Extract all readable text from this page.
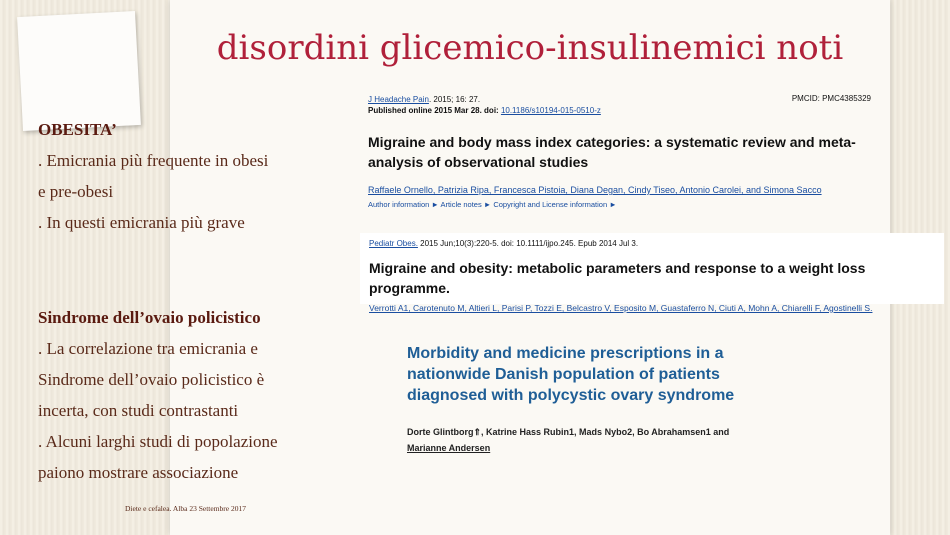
disordini glicemico-insulinemici noti

OBESITA’

. Emicrania più frequente in obesi

e pre-obesi

. In questi emicrania più grave

Sindrome dell’ovaio policistico

. La correlazione tra emicrania e

Sindrome dell’ovaio policistico è

incerta, con studi contrastanti

. Alcuni larghi studi di popolazione

paiono mostrare associazione

Diete e cefalea. Alba 23 Settembre 2017
J Headache Pain. 2015; 16: 27.
Published online 2015 Mar 28. doi: 10.1186/s10194-015-0510-z
PMCID: PMC4385329
Migraine and body mass index categories: a systematic review and meta-analysis of observational studies
Raffaele Ornello, Patrizia Ripa, Francesca Pistoia, Diana Degan, Cindy Tiseo, Antonio Carolei, and Simona Sacco
Author information ► Article notes ► Copyright and License information ►
Pediatr Obes. 2015 Jun;10(3):220-5. doi: 10.1111/ijpo.245. Epub 2014 Jul 3.
Migraine and obesity: metabolic parameters and response to a weight loss programme.
Verrotti A1, Carotenuto M, Altieri L, Parisi P, Tozzi E, Belcastro V, Esposito M, Guastaferro N, Ciuti A, Mohn A, Chiarelli F, Agostinelli S.
Morbidity and medicine prescriptions in a nationwide Danish population of patients diagnosed with polycystic ovary syndrome
Dorte Glintborg⇑, Katrine Hass Rubin1, Mads Nybo2, Bo Abrahamsen1 and
Marianne Andersen
